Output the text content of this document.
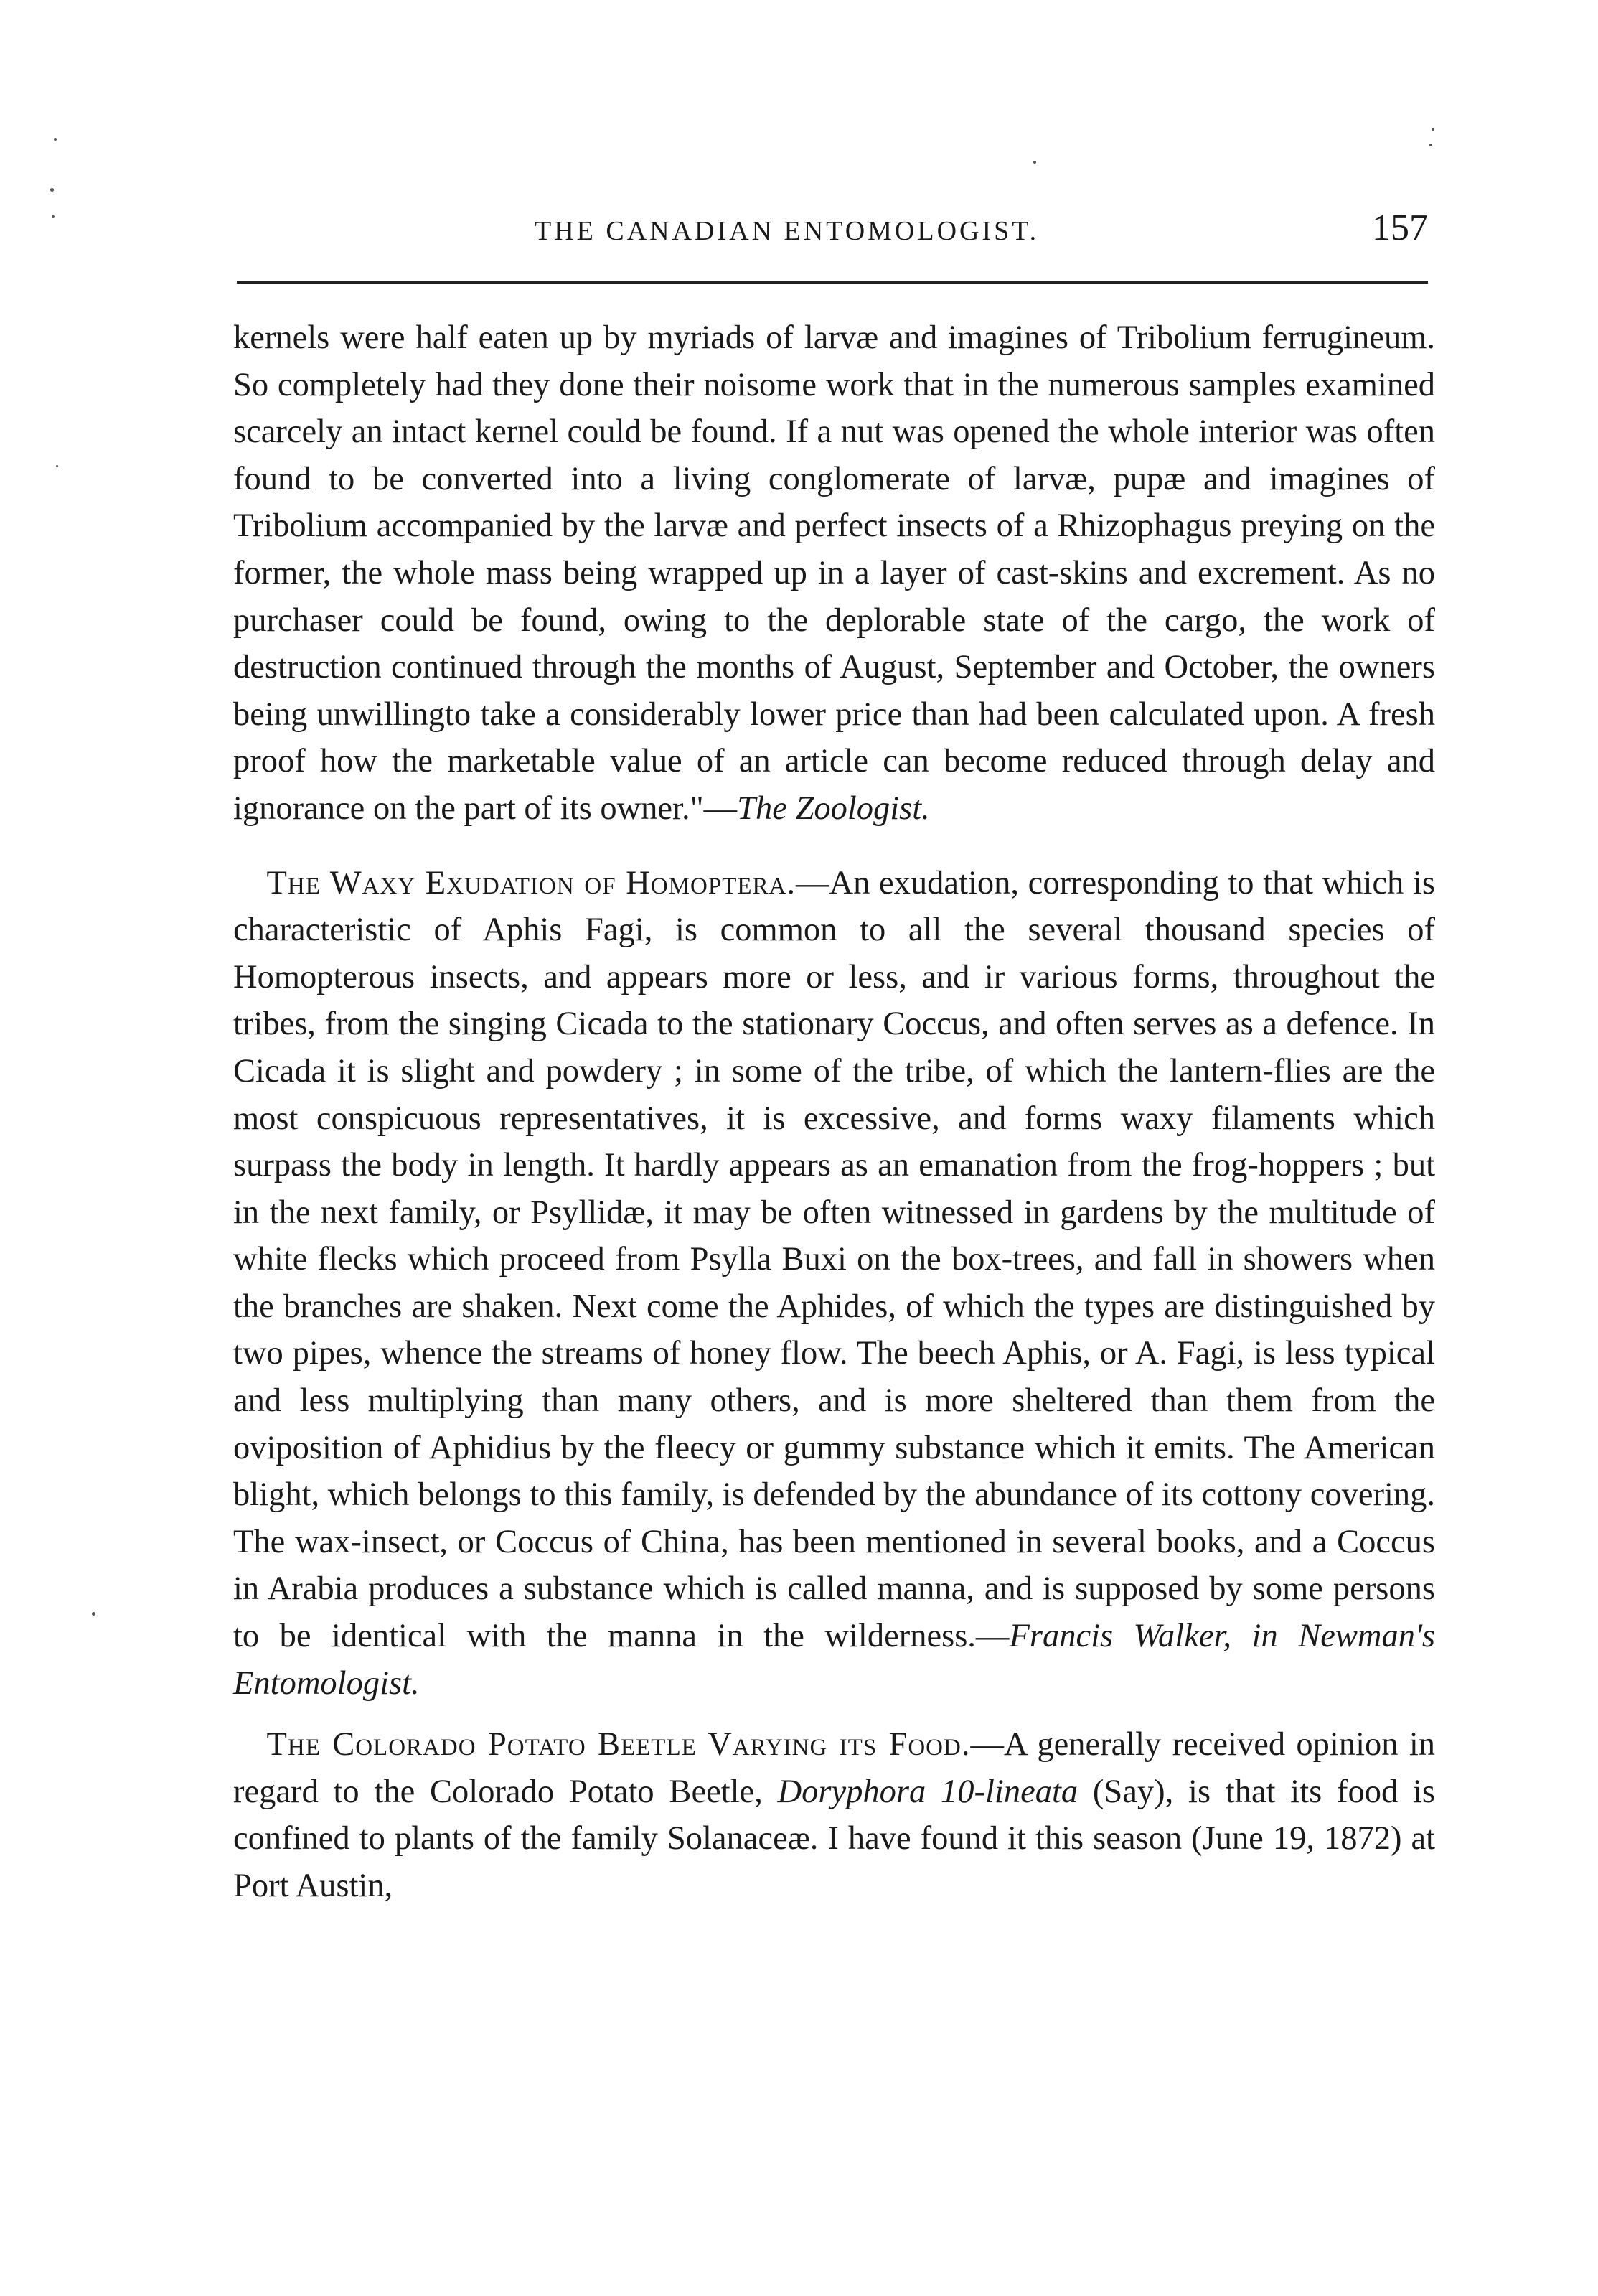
THE CANADIAN ENTOMOLOGIST.	157

kernels were half eaten up by myriads of larvæ and imagines of Tribolium ferrugineum. So completely had they done their noisome work that in the numerous samples examined scarcely an intact kernel could be found. If a nut was opened the whole interior was often found to be converted into a living conglomerate of larvæ, pupæ and imagines of Tribolium accompanied by the larvæ and perfect insects of a Rhizophagus preying on the former, the whole mass being wrapped up in a layer of cast-skins and excrement. As no purchaser could be found, owing to the deplorable state of the cargo, the work of destruction continued through the months of August, September and October, the owners being unwillingto take a considerably lower price than had been calculated upon. A fresh proof how the marketable value of an article can become reduced through delay and ignorance on the part of its owner."—The Zoologist.

The Waxy Exudation of Homoptera.—An exudation, corresponding to that which is characteristic of Aphis Fagi, is common to all the several thousand species of Homopterous insects, and appears more or less, and ir various forms, throughout the tribes, from the singing Cicada to the stationary Coccus, and often serves as a defence. In Cicada it is slight and powdery ; in some of the tribe, of which the lantern-flies are the most conspicuous representatives, it is excessive, and forms waxy filaments which surpass the body in length. It hardly appears as an emanation from the frog-hoppers ; but in the next family, or Psyllidæ, it may be often witnessed in gardens by the multitude of white flecks which proceed from Psylla Buxi on the box-trees, and fall in showers when the branches are shaken. Next come the Aphides, of which the types are distinguished by two pipes, whence the streams of honey flow. The beech Aphis, or A. Fagi, is less typical and less multiplying than many others, and is more sheltered than them from the oviposition of Aphidius by the fleecy or gummy substance which it emits. The American blight, which belongs to this family, is defended by the abundance of its cottony covering. The wax-insect, or Coccus of China, has been mentioned in several books, and a Coccus in Arabia produces a substance which is called manna, and is supposed by some persons to be identical with the manna in the wilderness.—Francis Walker, in Newman's Entomologist.

The Colorado Potato Beetle Varying its Food.—A generally received opinion in regard to the Colorado Potato Beetle, Doryphora 10-lineata (Say), is that its food is confined to plants of the family Solanaceæ. I have found it this season (June 19, 1872) at Port Austin,
